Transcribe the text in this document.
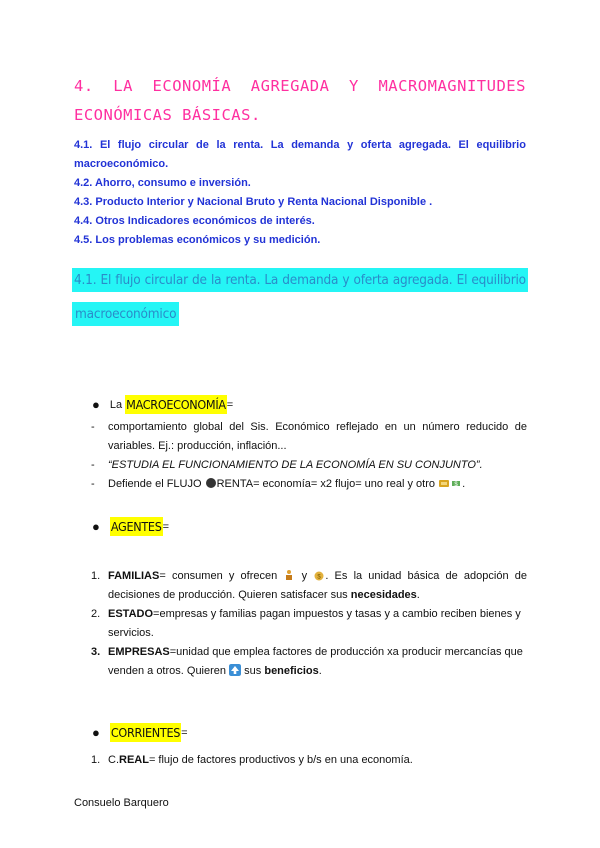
4. LA ECONOMÍA AGREGADA Y MACROMAGNITUDES
ECONÓMICAS BÁSICAS.
4.1. El flujo circular de la renta. La demanda y oferta agregada. El equilibrio
macroeconómico.
4.2. Ahorro, consumo e inversión.
4.3. Producto Interior y Nacional Bruto y Renta Nacional Disponible .
4.4. Otros Indicadores económicos de interés.
4.5. Los problemas económicos y su medición.
4.1. El flujo circular de la renta. La demanda y oferta agregada. El equilibrio
macroeconómico
● La
MACROECONOMÍA =
- comportamiento global del Sis. Económico reflejado en un número reducido de variables. Ej.: producción, inflación...
- “ESTUDIA EL FUNCIONAMIENTO DE LA ECONOMÍA EN SU CONJUNTO”.
- Defiende el FLUJO RENTA= economía= x2 flujo= uno real y otro	$ .
● AGENTES =
1. FAMILIAS= consumen y ofrecen y $ . Es la unidad básica de adopción de decisiones de producción. Quieren satisfacer sus necesidades.
2. ESTADO=empresas y familias pagan impuestos y tasas y a cambio reciben bienes y servicios.
3. EMPRESAS=unidad que emplea factores de producción xa producir mercancías que venden a otros. Quieren sus beneficios.
● CORRIENTES =
1. C.REAL= flujo de factores productivos y b/s en una economía.
Consuelo Barquero
